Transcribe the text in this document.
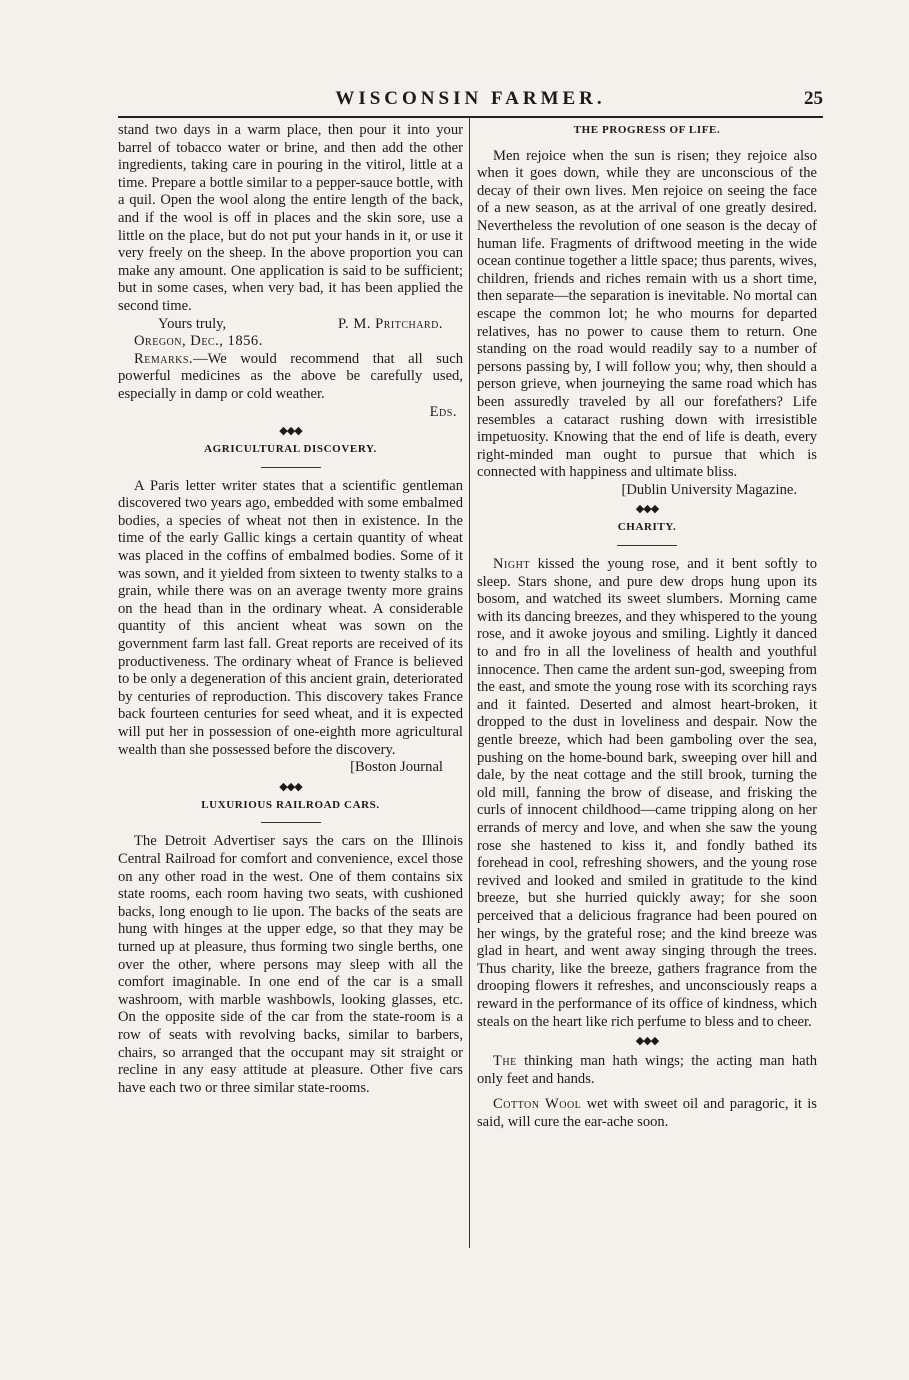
WISCONSIN FARMER.	25

stand two days in a warm place, then pour it into your barrel of tobacco water or brine, and then add the other ingredients, taking care in pouring in the vitirol, little at a time. Prepare a bottle similar to a pepper-sauce bottle, with a quil. Open the wool along the entire length of the back, and if the wool is off in places and the skin sore, use a little on the place, but do not put your hands in it, or use it very freely on the sheep. In the above proportion you can make any amount. One application is said to be sufficient; but in some cases, when very bad, it has been applied the second time.

Yours truly,	P. M. Pritchard.

Oregon, Dec., 1856.

Remarks.—We would recommend that all such powerful medicines as the above be carefully used, especially in damp or cold weather.

Eds.
◆◆◆
AGRICULTURAL DISCOVERY.

A Paris letter writer states that a scientific gentleman discovered two years ago, embedded with some embalmed bodies, a species of wheat not then in existence. In the time of the early Gallic kings a certain quantity of wheat was placed in the coffins of embalmed bodies. Some of it was sown, and it yielded from sixteen to twenty stalks to a grain, while there was on an average twenty more grains on the head than in the ordinary wheat. A considerable quantity of this ancient wheat was sown on the government farm last fall. Great reports are received of its productiveness. The ordinary wheat of France is believed to be only a degeneration of this ancient grain, deteriorated by centuries of reproduction. This discovery takes France back fourteen centuries for seed wheat, and it is expected will put her in possession of one-eighth more agricultural wealth than she possessed before the discovery.

[Boston Journal
◆◆◆
LUXURIOUS RAILROAD CARS.

The Detroit Advertiser says the cars on the Illinois Central Railroad for comfort and convenience, excel those on any other road in the west. One of them contains six state rooms, each room having two seats, with cushioned backs, long enough to lie upon. The backs of the seats are hung with hinges at the upper edge, so that they may be turned up at pleasure, thus forming two single berths, one over the other, where persons may sleep with all the comfort imaginable. In one end of the car is a small washroom, with marble washbowls, looking glasses, etc. On the opposite side of the car from the state-room is a row of seats with revolving backs, similar to barbers, chairs, so arranged that the occupant may sit straight or recline in any easy attitude at pleasure. Other five cars have each two or three similar state-rooms.

THE PROGRESS OF LIFE.

Men rejoice when the sun is risen; they rejoice also when it goes down, while they are unconscious of the decay of their own lives. Men rejoice on seeing the face of a new season, as at the arrival of one greatly desired. Nevertheless the revolution of one season is the decay of human life. Fragments of driftwood meeting in the wide ocean continue together a little space; thus parents, wives, children, friends and riches remain with us a short time, then separate—the separation is inevitable. No mortal can escape the common lot; he who mourns for departed relatives, has no power to cause them to return. One standing on the road would readily say to a number of persons passing by, I will follow you; why, then should a person grieve, when journeying the same road which has been assuredly traveled by all our forefathers? Life resembles a cataract rushing down with irresistible impetuosity. Knowing that the end of life is death, every right-minded man ought to pursue that which is connected with happiness and ultimate bliss.

[Dublin University Magazine.
◆◆◆
CHARITY.

Night kissed the young rose, and it bent softly to sleep. Stars shone, and pure dew drops hung upon its bosom, and watched its sweet slumbers. Morning came with its dancing breezes, and they whispered to the young rose, and it awoke joyous and smiling. Lightly it danced to and fro in all the loveliness of health and youthful innocence. Then came the ardent sun-god, sweeping from the east, and smote the young rose with its scorching rays and it fainted. Deserted and almost heart-broken, it dropped to the dust in loveliness and despair. Now the gentle breeze, which had been gamboling over the sea, pushing on the home-bound bark, sweeping over hill and dale, by the neat cottage and the still brook, turning the old mill, fanning the brow of disease, and frisking the curls of innocent childhood—came tripping along on her errands of mercy and love, and when she saw the young rose she hastened to kiss it, and fondly bathed its forehead in cool, refreshing showers, and the young rose revived and looked and smiled in gratitude to the kind breeze, but she hurried quickly away; for she soon perceived that a delicious fragrance had been poured on her wings, by the grateful rose; and the kind breeze was glad in heart, and went away singing through the trees. Thus charity, like the breeze, gathers fragrance from the drooping flowers it refreshes, and unconsciously reaps a reward in the performance of its office of kindness, which steals on the heart like rich perfume to bless and to cheer.

◆◆◆

The thinking man hath wings; the acting man hath only feet and hands.

Cotton Wool wet with sweet oil and paragoric, it is said, will cure the ear-ache soon.
